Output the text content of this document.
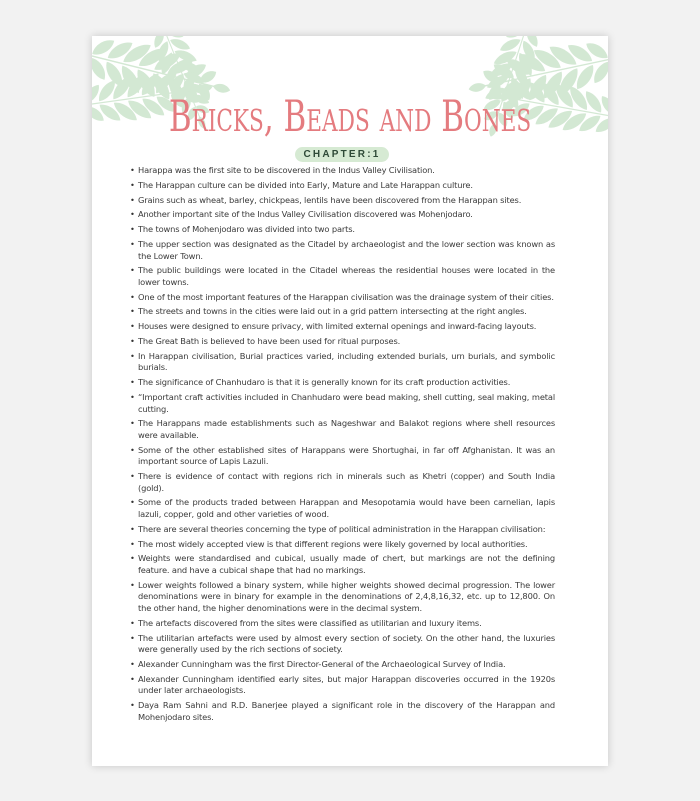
Bricks, Beads and Bones
CHAPTER:1
• Harappa was the first site to be discovered in the Indus Valley Civilisation.
• The Harappan culture can be divided into Early, Mature and Late Harappan culture.
• Grains such as wheat, barley, chickpeas, lentils have been discovered from the Harappan sites.
• Another important site of the Indus Valley Civilisation discovered was Mohenjodaro.
• The towns of Mohenjodaro was divided into two parts.
• The upper section was designated as the Citadel by archaeologist and the lower section was known as the Lower Town.
• The public buildings were located in the Citadel whereas the residential houses were located in the lower towns.
• One of the most important features of the Harappan civilisation was the drainage system of their cities.
• The streets and towns in the cities were laid out in a grid pattern intersecting at the right angles.
• Houses were designed to ensure privacy, with limited external openings and inward-facing layouts.
• The Great Bath is believed to have been used for ritual purposes.
• In Harappan civilisation, Burial practices varied, including extended burials, urn burials, and symbolic burials.
• The significance of Chanhudaro is that it is generally known for its craft production activities.
• “Important craft activities included in Chanhudaro were bead making, shell cutting, seal making, metal cutting.
• The Harappans made establishments such as Nageshwar and Balakot regions where shell resources were available.
• Some of the other established sites of Harappans were Shortughai, in far off Afghanistan. It was an important source of Lapis Lazuli.
• There is evidence of contact with regions rich in minerals such as Khetri (copper) and South India (gold).
• Some of the products traded between Harappan and Mesopotamia would have been carnelian, lapis lazuli, copper, gold and other varieties of wood.
• There are several theories concerning the type of political administration in the Harappan civilisation:
• The most widely accepted view is that different regions were likely governed by local authorities.
• Weights were standardised and cubical, usually made of chert, but markings are not the defining feature. and have a cubical shape that had no markings.
• Lower weights followed a binary system, while higher weights showed decimal progression. The lower denominations were in binary for example in the denominations of 2,4,8,16,32, etc. up to 12,800. On the other hand, the higher denominations were in the decimal system.
• The artefacts discovered from the sites were classified as utilitarian and luxury items.
• The utilitarian artefacts were used by almost every section of society. On the other hand, the luxuries were generally used by the rich sections of society.
• Alexander Cunningham was the first Director-General of the Archaeological Survey of India.
• Alexander Cunningham identified early sites, but major Harappan discoveries occurred in the 1920s under later archaeologists.
• Daya Ram Sahni and R.D. Banerjee played a significant role in the discovery of the Harappan and Mohenjodaro sites.
